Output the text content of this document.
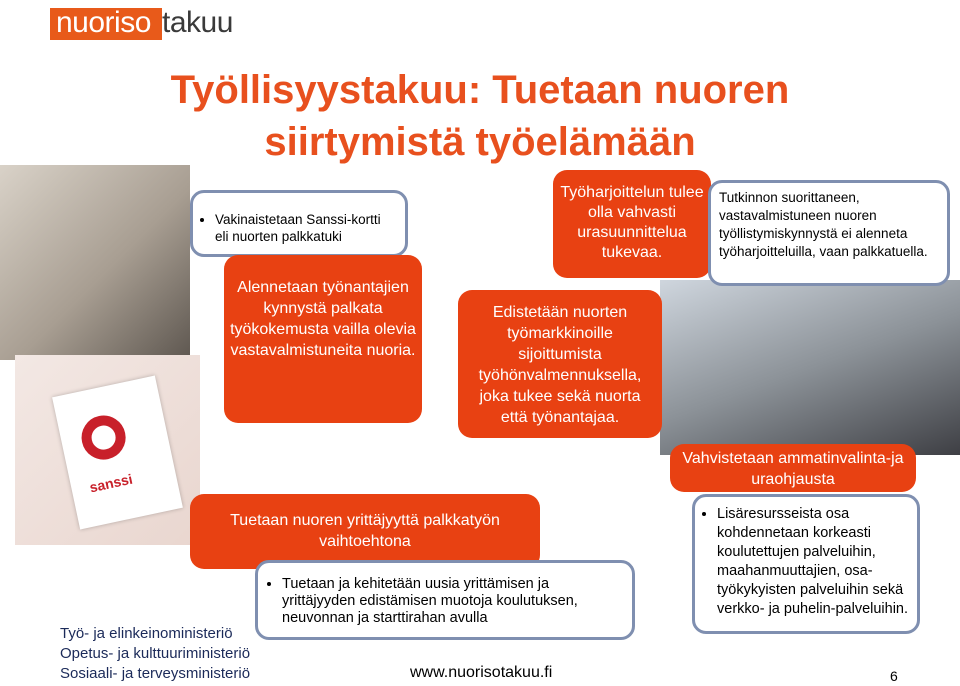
nuoriso takuu
Työllisyystakuu: Tuetaan nuoren siirtymistä työelämään
sanssi
• Vakinaistetaan Sanssi-kortti eli nuorten palkkatuki
Alennetaan työnantajien kynnystä palkata työkokemusta vailla olevia vastavalmistuneita nuoria.
Työharjoittelun tulee olla vahvasti urasuunnittelua tukevaa.
Tutkinnon suorittaneen, vastavalmistuneen nuoren työllistymiskynnystä ei alenneta työharjoitteluilla, vaan palkkatuella.
Edistetään nuorten työmarkkinoille sijoittumista työhönvalmennuksella, joka tukee sekä nuorta että työnantajaa.
Vahvistetaan ammatinvalinta-ja uraohjausta
Tuetaan nuoren yrittäjyyttä palkkatyön vaihtoehtona
• Tuetaan ja kehitetään uusia yrittämisen ja yrittäjyyden edistämisen muotoja koulutuksen, neuvonnan ja starttirahan avulla
• Lisäresursseista osa kohdennetaan korkeasti koulutettujen palveluihin, maahanmuuttajien, osa-työkykyisten palveluihin sekä verkko- ja puhelin-palveluihin.
Työ- ja elinkeinoministeriö
Opetus- ja kulttuuriministeriö
Sosiaali- ja terveysministeriö	www.nuorisotakuu.fi	6
